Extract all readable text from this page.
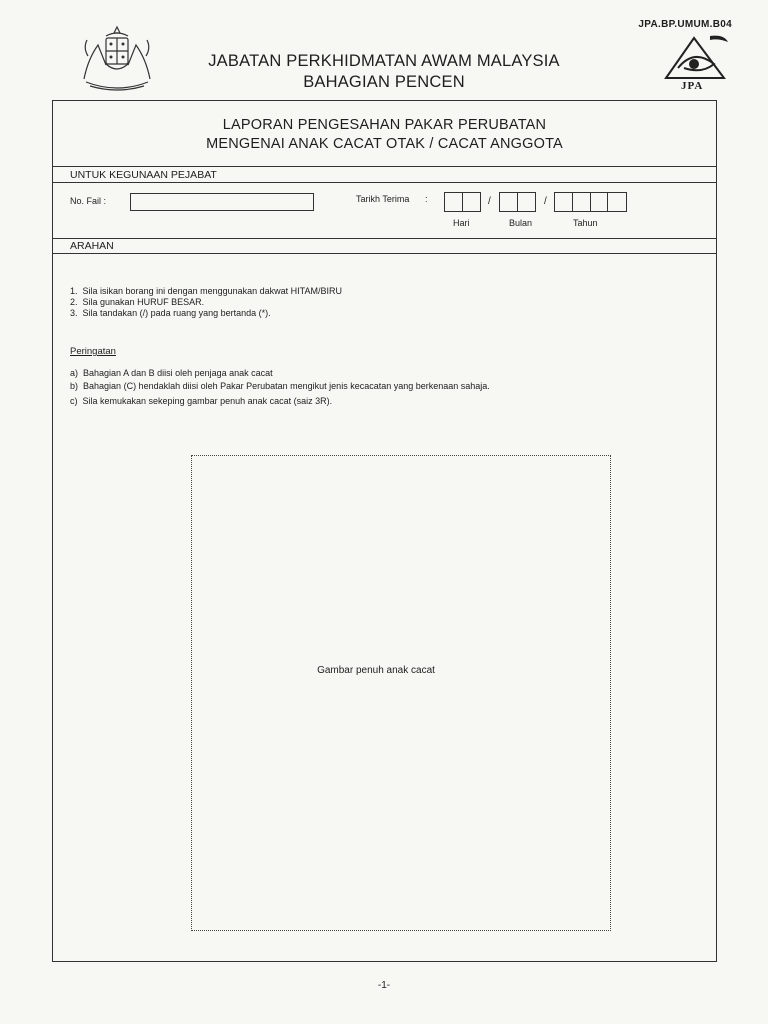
JPA.BP.UMUM.B04
JABATAN PERKHIDMATAN AWAM MALAYSIA
BAHAGIAN PENCEN	JPA
LAPORAN PENGESAHAN PAKAR PERUBATAN
MENGENAI ANAK CACAT OTAK / CACAT ANGGOTA
UNTUK KEGUNAAN PEJABAT
No. Fail :	Tarikh Terima :	/	/
Hari	Bulan	Tahun
ARAHAN
1. Sila isikan borang ini dengan menggunakan dakwat HITAM/BIRU
2. Sila gunakan HURUF BESAR.
3. Sila tandakan (/) pada ruang yang bertanda (*).
Peringatan
a) Bahagian A dan B diisi oleh penjaga anak cacat
b) Bahagian (C) hendaklah diisi oleh Pakar Perubatan mengikut jenis kecacatan yang berkenaan sahaja.
c) Sila kemukakan sekeping gambar penuh anak cacat (saiz 3R).
Gambar penuh anak cacat
-1-
